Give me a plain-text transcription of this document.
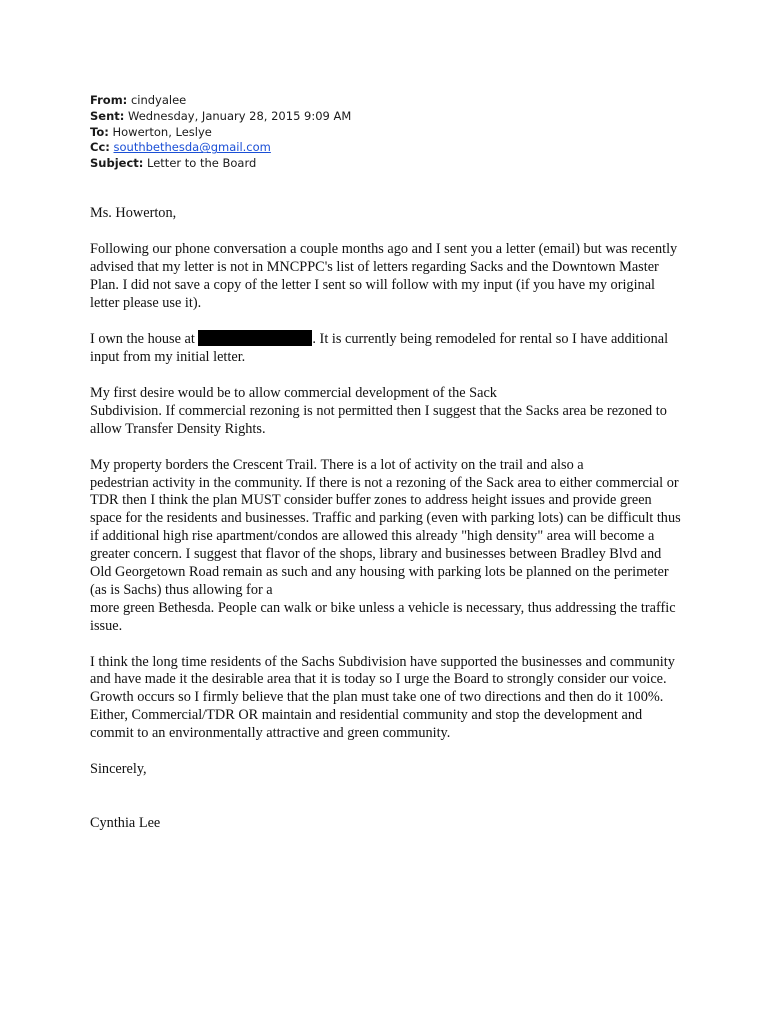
From: cindyalee
Sent: Wednesday, January 28, 2015 9:09 AM
To: Howerton, Leslye
Cc: southbethesda@gmail.com
Subject: Letter to the Board

Ms. Howerton,

Following our phone conversation a couple months ago and I sent you a letter (email) but was recently advised that my letter is not in MNCPPC's list of letters regarding Sacks and the Downtown Master Plan. I did not save a copy of the letter I sent so will follow with my input (if you have my original letter please use it).

I own the house at	. It is currently being remodeled for rental so I have additional input from my initial letter.

My first desire would be to allow commercial development of the Sack
Subdivision. If commercial rezoning is not permitted then I suggest that the Sacks area be rezoned to allow Transfer Density Rights.

My property borders the Crescent Trail. There is a lot of activity on the trail and also a
pedestrian activity in the community. If there is not a rezoning of the Sack area to either commercial or TDR then I think the plan MUST consider buffer zones to address height issues and provide green space for the residents and businesses. Traffic and parking (even with parking lots) can be difficult thus if additional high rise apartment/condos are allowed this already "high density" area will become a greater concern. I suggest that flavor of the shops, library and businesses between Bradley Blvd and Old Georgetown Road remain as such and any housing with parking lots be planned on the perimeter (as is Sachs) thus allowing for a
more green Bethesda. People can walk or bike unless a vehicle is necessary, thus addressing the traffic issue.

I think the long time residents of the Sachs Subdivision have supported the businesses and community and have made it the desirable area that it is today so I urge the Board to strongly consider our voice. Growth occurs so I firmly believe that the plan must take one of two directions and then do it 100%. Either, Commercial/TDR OR maintain and residential community and stop the development and commit to an environmentally attractive and green community.

Sincerely,

Cynthia Lee
